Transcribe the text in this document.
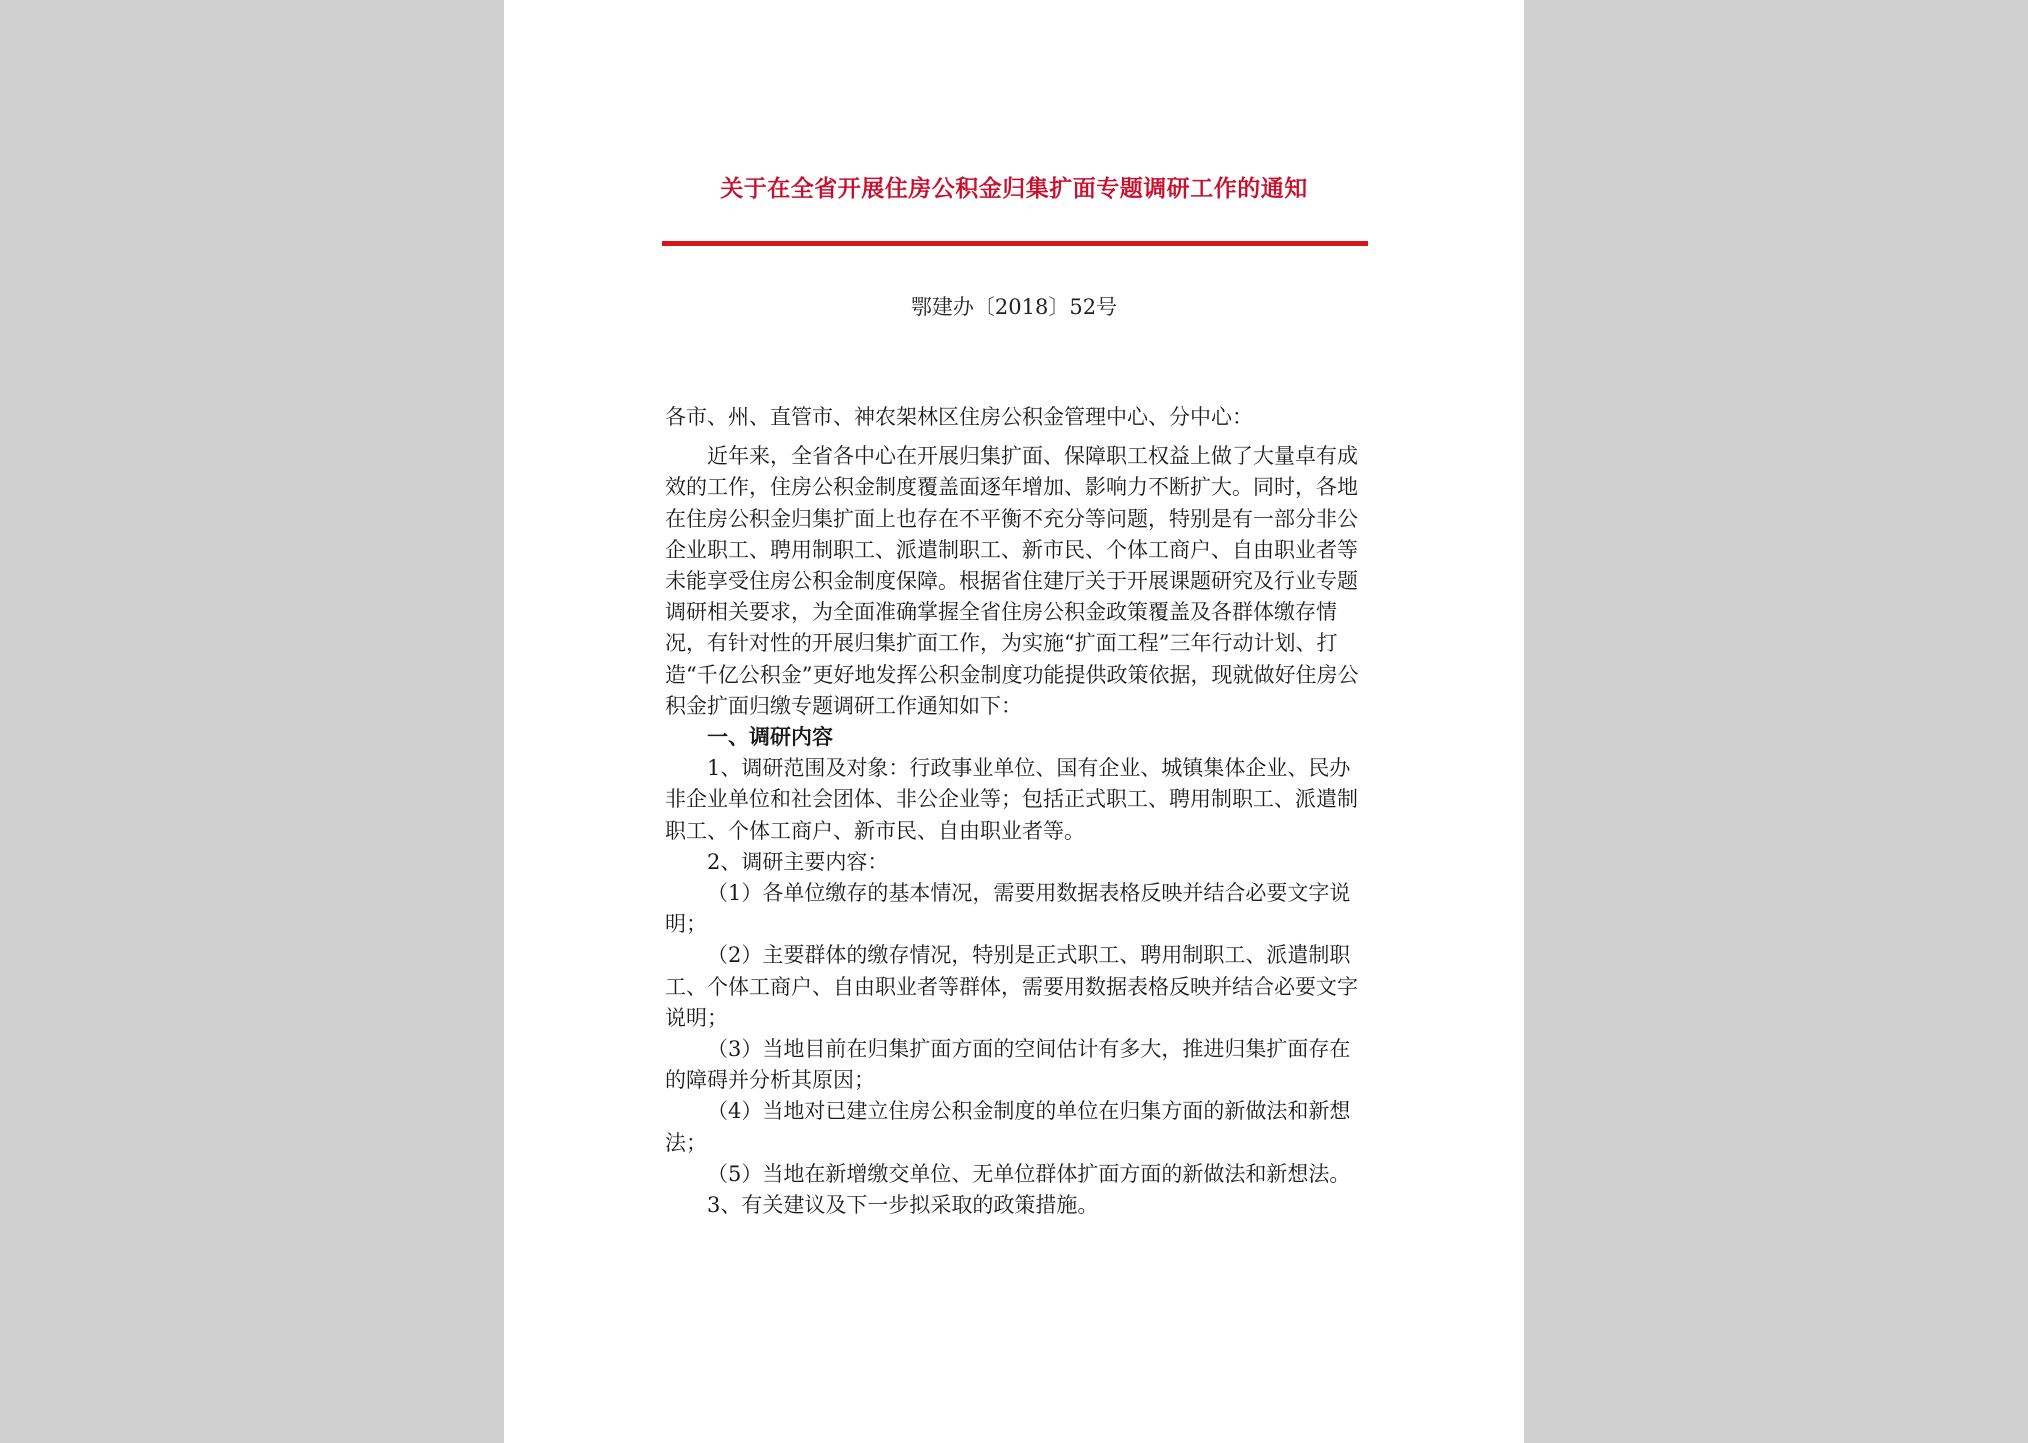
关于在全省开展住房公积金归集扩面专题调研工作的通知
鄂建办〔2018〕52号

各市、州、直管市、神农架林区住房公积金管理中心、分中心：

近年来，全省各中心在开展归集扩面、保障职工权益上做了大量卓有成效的工作，住房公积金制度覆盖面逐年增加、影响力不断扩大。同时，各地在住房公积金归集扩面上也存在不平衡不充分等问题，特别是有一部分非公企业职工、聘用制职工、派遣制职工、新市民、个体工商户、自由职业者等未能享受住房公积金制度保障。根据省住建厅关于开展课题研究及行业专题调研相关要求，为全面准确掌握全省住房公积金政策覆盖及各群体缴存情况，有针对性的开展归集扩面工作，为实施“扩面工程”三年行动计划、打造“千亿公积金”更好地发挥公积金制度功能提供政策依据，现就做好住房公积金扩面归缴专题调研工作通知如下：

一、调研内容

1、调研范围及对象：行政事业单位、国有企业、城镇集体企业、民办非企业单位和社会团体、非公企业等；包括正式职工、聘用制职工、派遣制职工、个体工商户、新市民、自由职业者等。

2、调研主要内容：

（1）各单位缴存的基本情况，需要用数据表格反映并结合必要文字说明；

（2）主要群体的缴存情况，特别是正式职工、聘用制职工、派遣制职工、个体工商户、自由职业者等群体，需要用数据表格反映并结合必要文字说明；

（3）当地目前在归集扩面方面的空间估计有多大，推进归集扩面存在的障碍并分析其原因；

（4）当地对已建立住房公积金制度的单位在归集方面的新做法和新想法；

（5）当地在新增缴交单位、无单位群体扩面方面的新做法和新想法。

3、有关建议及下一步拟采取的政策措施。
